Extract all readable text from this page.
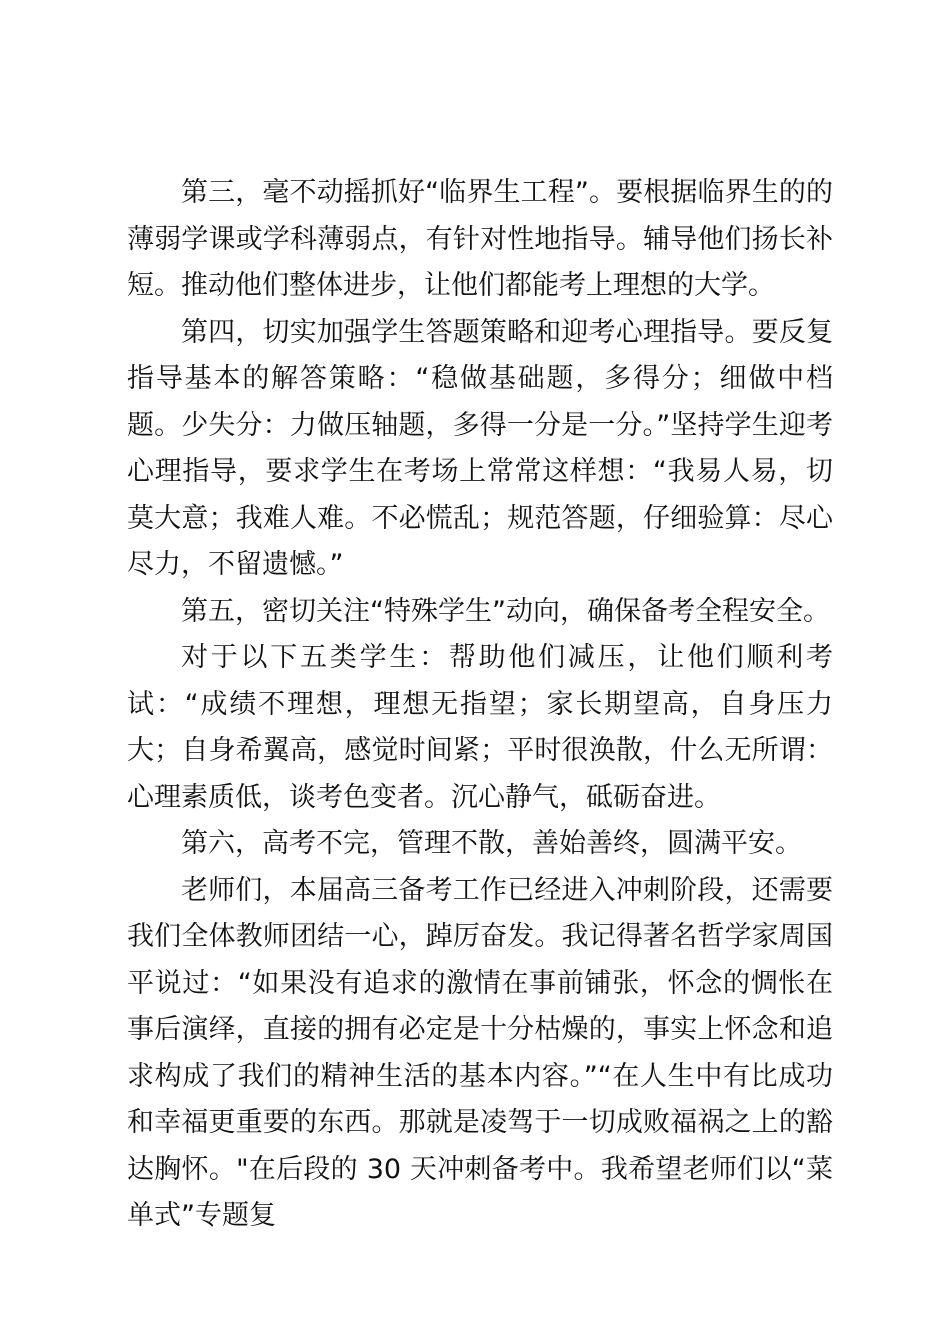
第三，毫不动摇抓好“临界生工程”。要根据临界生的的薄弱学课或学科薄弱点，有针对性地指导。辅导他们扬长补短。推动他们整体进步，让他们都能考上理想的大学。

第四，切实加强学生答题策略和迎考心理指导。要反复指导基本的解答策略：“稳做基础题，多得分；细做中档题。少失分：力做压轴题，多得一分是一分。”坚持学生迎考心理指导，要求学生在考场上常常这样想：“我易人易，切莫大意；我难人难。不必慌乱；规范答题，仔细验算：尽心尽力，不留遗憾。”

第五，密切关注“特殊学生”动向，确保备考全程安全。

对于以下五类学生：帮助他们减压，让他们顺利考试：“成绩不理想，理想无指望；家长期望高，自身压力大；自身希翼高，感觉时间紧；平时很涣散，什么无所谓：心理素质低，谈考色变者。沉心静气，砥砺奋进。

第六，高考不完，管理不散，善始善终，圆满平安。

老师们，本届高三备考工作已经进入冲刺阶段，还需要我们全体教师团结一心，踔厉奋发。我记得著名哲学家周国平说过：“如果没有追求的激情在事前铺张，怀念的惆怅在事后演绎，直接的拥有必定是十分枯燥的，事实上怀念和追求构成了我们的精神生活的基本内容。”“在人生中有比成功和幸福更重要的东西。那就是凌驾于一切成败福祸之上的豁达胸怀。"在后段的 30 天冲刺备考中。我希望老师们以“菜单式”专题复
